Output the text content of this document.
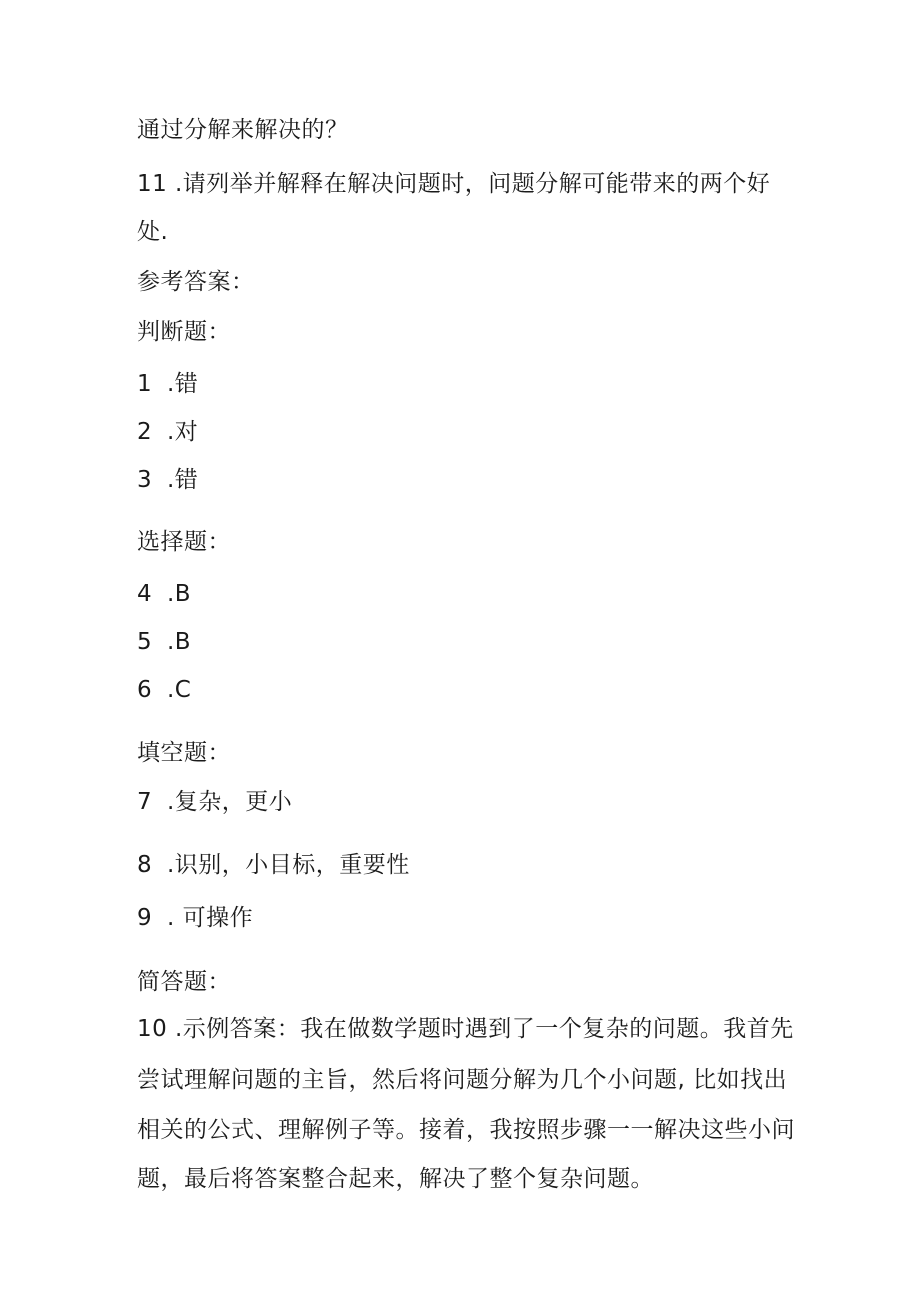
通过分解来解决的？
11 .请列举并解释在解决问题时，问题分解可能带来的两个好
处.
参考答案：
判断题：
1 .错
2 .对
3 .错
选择题：
4 .B
5 .B
6 .C
填空题：
7 .复杂，更小
8 .识别，小目标，重要性
9 . 可操作
简答题：
10 .示例答案：我在做数学题时遇到了一个复杂的问题。我首先
尝试理解问题的主旨，然后将问题分解为几个小问题, 比如找出
相关的公式、理解例子等。接着，我按照步骤一一解决这些小问
题，最后将答案整合起来，解决了整个复杂问题。
